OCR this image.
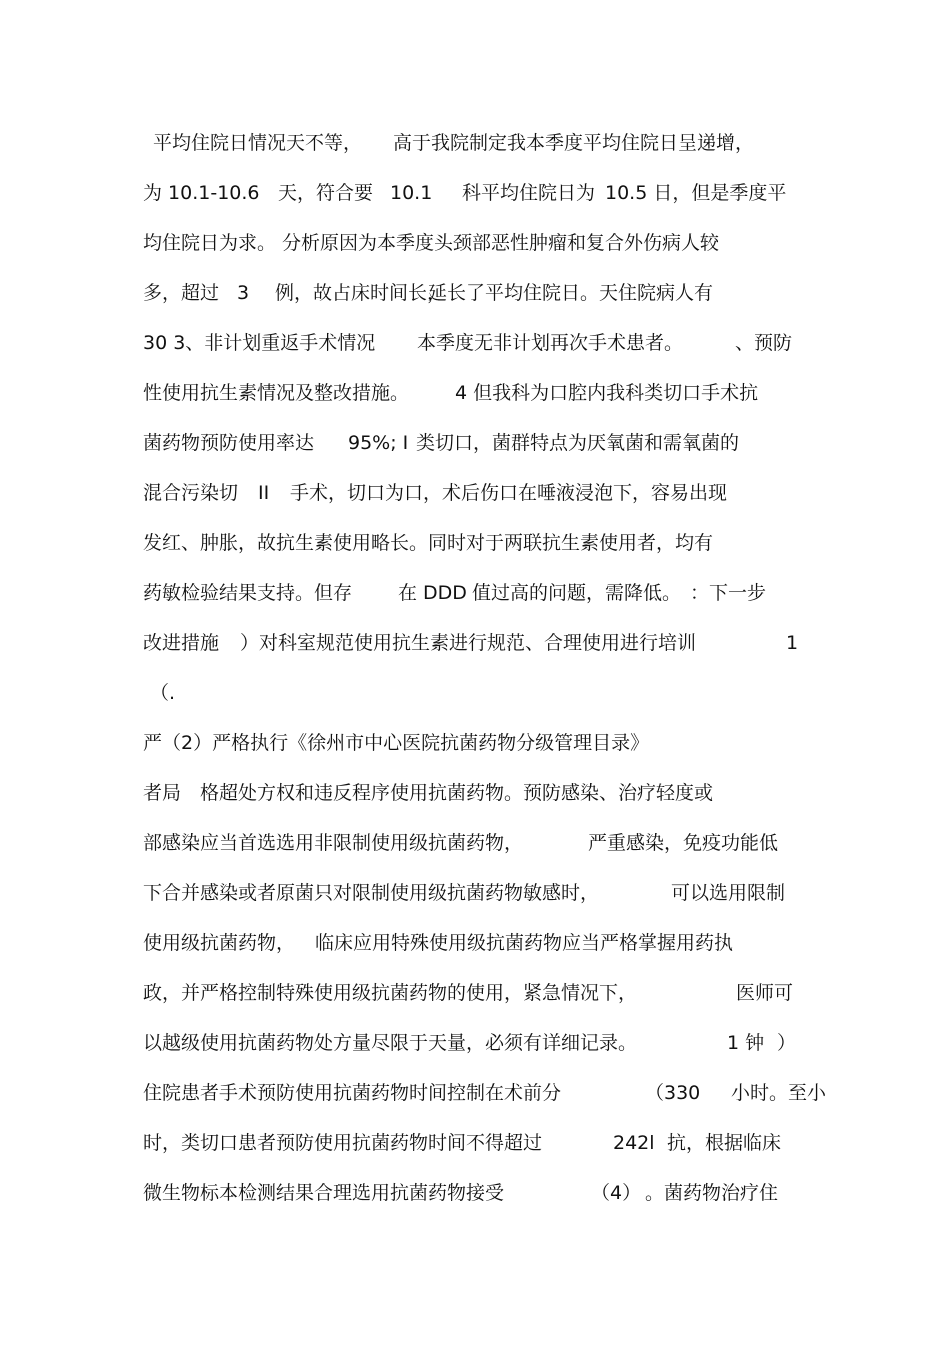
平均住院日情况天不等， 高于我院制定我本季度平均住院日呈递增，
为 10.1-10.6 天，符合要 10.1 科平均住院日为 10.5 日，但是季度平
均住院日为求。 分析原因为本季度头颈部恶性肿瘤和复合外伤病人较
多，超过 3 例，故占床时间长，
延长了平均住院日。天住院病人有
30 3、非计划重返手术情况 本季度无非计划再次手术患者。	、预防
性使用抗生素情况及整改措施。 4 但我科为口腔内我科类切口手术抗
菌药物预防使用率达 95%; I 类切口，菌群特点为厌氧菌和需氧菌的
混合污染切 II 手术，切口为口，术后伤口在唾液浸泡下，容易出现
发红、肿胀，故抗生素使用略长。同时对于两联抗生素使用者，均有
药敏检验结果支持。但存 在 DDD 值过高的问题，需降低。 ：下一步
改进措施 ）对科室规范使用抗生素进行规范、合理使用进行培训	1
（.
严（2）严格执行《徐州市中心医院抗菌药物分级管理目录》
者局 格超处方权和违反程序使用抗菌药物。预防感染、治疗轻度或
部感染应当首选选用非限制使用级抗菌药物，	严重感染，免疫功能低
下合并感染或者原菌只对限制使用级抗菌药物敏感时，	可以选用限制
使用级抗菌药物， 临床应用特殊使用级抗菌药物应当严格掌握用药执
政，并严格控制特殊使用级抗菌药物的使用，紧急情况下，	医师可
以越级使用抗菌药物处方量尽限于天量，必须有详细记录。	1 钟 ）
住院患者手术预防使用抗菌药物时间控制在术前分	（330 小时。至小
时，类切口患者预防使用抗菌药物时间不得超过	242l 抗，根据临床
微生物标本检测结果合理选用抗菌药物接受	（4） 。菌药物治疗住
